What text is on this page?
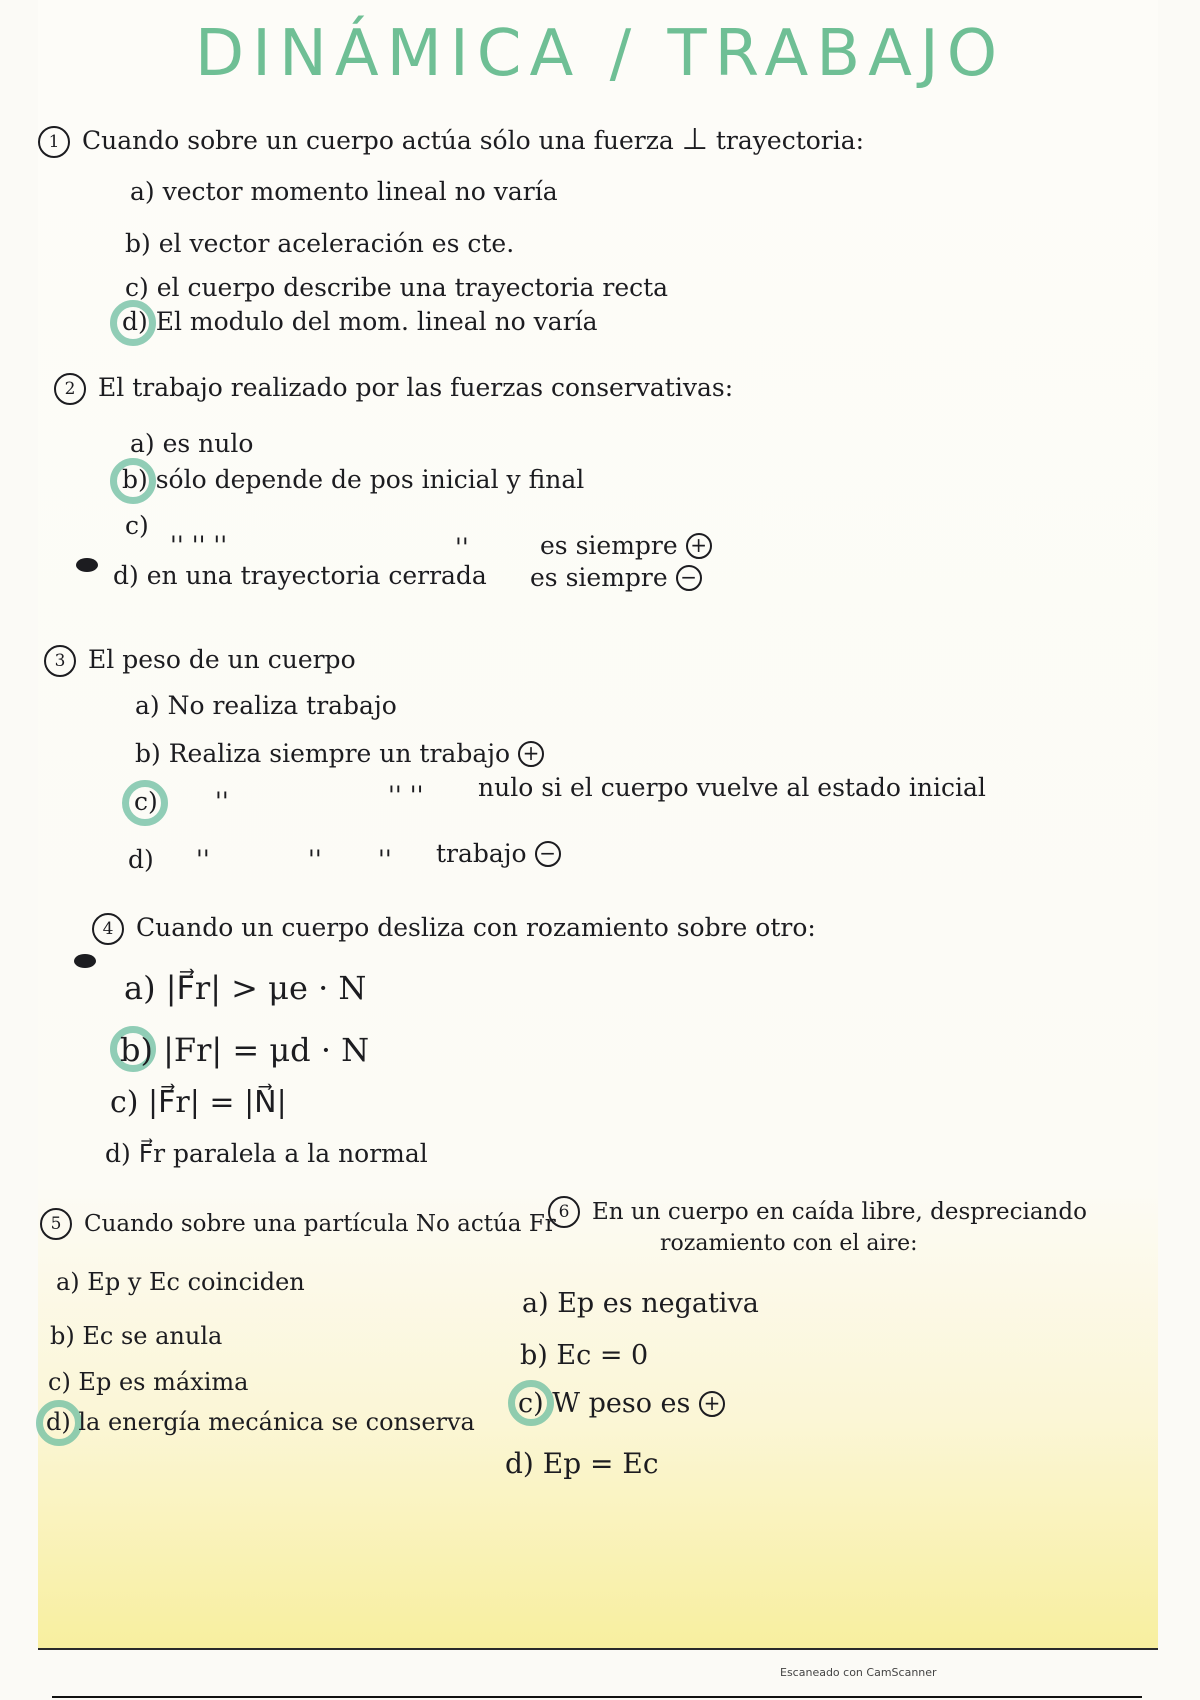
DINÁMICA / TRABAJO
1 Cuando sobre un cuerpo actúa sólo una fuerza ⊥ trayectoria:
a) vector momento lineal no varía
b) el vector aceleración es cte.
c) el cuerpo describe una trayectoria recta
d) El modulo del mom. lineal no varía
2 El trabajo realizado por las fuerzas conservativas:
a) es nulo
b) sólo depende de pos inicial y final
c)
'' '' ''	''	es siempre +
d) en una trayectoria cerrada es siempre −
3 El peso de un cuerpo
a) No realiza trabajo
b) Realiza siempre un trabajo +
c) ''	'' '' nulo si el cuerpo vuelve al estado inicial
d) ''	'' '' trabajo −
4 Cuando un cuerpo desliza con rozamiento sobre otro:
a) |F⃗r| > μe · N
b) |Fr| = μd · N
c) |F⃗r| = |N⃗|
d) F⃗r paralela a la normal
5 Cuando sobre una partícula No actúa Fr
a) Ep y Ec coinciden
b) Ec se anula
c) Ep es máxima
d) la energía mecánica se conserva
6 En un cuerpo en caída libre, despreciando
rozamiento con el aire:
a) Ep es negativa
b) Ec = 0
c) W peso es +
d) Ep = Ec
Escaneado con CamScanner
